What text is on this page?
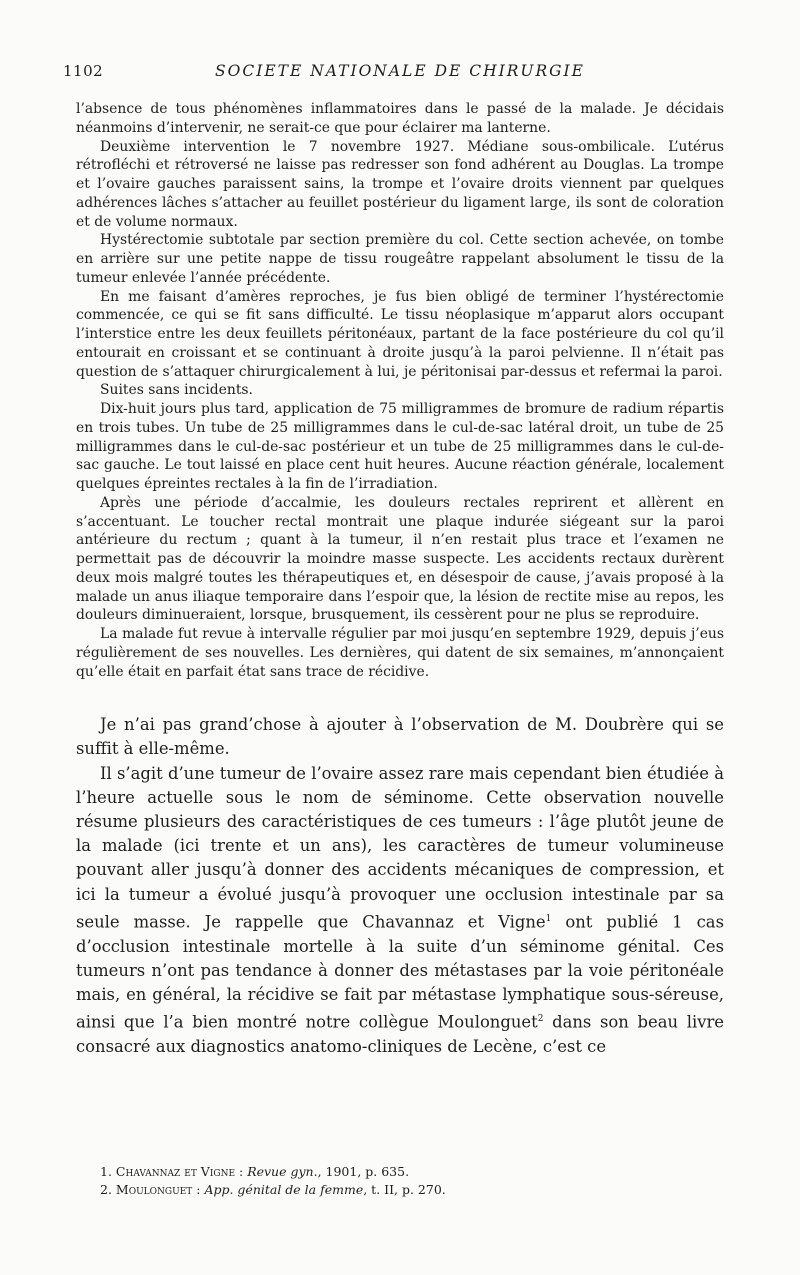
1102	SOCIETE NATIONALE DE CHIRURGIE

l’absence de tous phénomènes inflammatoires dans le passé de la malade. Je décidais néanmoins d’intervenir, ne serait-ce que pour éclairer ma lanterne.

Deuxième intervention le 7 novembre 1927. Médiane sous-ombilicale. L’utérus rétrofléchi et rétroversé ne laisse pas redresser son fond adhérent au Douglas. La trompe et l’ovaire gauches paraissent sains, la trompe et l’ovaire droits viennent par quelques adhérences lâches s’attacher au feuillet postérieur du ligament large, ils sont de coloration et de volume normaux.

Hystérectomie subtotale par section première du col. Cette section achevée, on tombe en arrière sur une petite nappe de tissu rougeâtre rappelant absolument le tissu de la tumeur enlevée l’année précédente.

En me faisant d’amères reproches, je fus bien obligé de terminer l’hystérectomie commencée, ce qui se fit sans difficulté. Le tissu néoplasique m’apparut alors occupant l’interstice entre les deux feuillets péritonéaux, partant de la face postérieure du col qu’il entourait en croissant et se continuant à droite jusqu’à la paroi pelvienne. Il n’était pas question de s’attaquer chirurgicalement à lui, je péritonisai par-dessus et refermai la paroi.

Suites sans incidents.

Dix-huit jours plus tard, application de 75 milligrammes de bromure de radium répartis en trois tubes. Un tube de 25 milligrammes dans le cul-de-sac latéral droit, un tube de 25 milligrammes dans le cul-de-sac postérieur et un tube de 25 milligrammes dans le cul-de-sac gauche. Le tout laissé en place cent huit heures. Aucune réaction générale, localement quelques épreintes rectales à la fin de l’irradiation.

Après une période d’accalmie, les douleurs rectales reprirent et allèrent en s’accentuant. Le toucher rectal montrait une plaque indurée siégeant sur la paroi antérieure du rectum ; quant à la tumeur, il n’en restait plus trace et l’examen ne permettait pas de découvrir la moindre masse suspecte. Les accidents rectaux durèrent deux mois malgré toutes les thérapeutiques et, en désespoir de cause, j’avais proposé à la malade un anus iliaque temporaire dans l’espoir que, la lésion de rectite mise au repos, les douleurs diminueraient, lorsque, brusquement, ils cessèrent pour ne plus se reproduire.

La malade fut revue à intervalle régulier par moi jusqu’en septembre 1929, depuis j’eus régulièrement de ses nouvelles. Les dernières, qui datent de six semaines, m’annonçaient qu’elle était en parfait état sans trace de récidive.

Je n’ai pas grand’chose à ajouter à l’observation de M. Doubrère qui se suffit à elle-même.

Il s’agit d’une tumeur de l’ovaire assez rare mais cependant bien étudiée à l’heure actuelle sous le nom de séminome. Cette observation nouvelle résume plusieurs des caractéristiques de ces tumeurs : l’âge plutôt jeune de la malade (ici trente et un ans), les caractères de tumeur volumineuse pouvant aller jusqu’à donner des accidents mécaniques de compression, et ici la tumeur a évolué jusqu’à provoquer une occlusion intestinale par sa seule masse. Je rappelle que Chavannaz et Vigne$^1$ ont publié 1 cas d’occlusion intestinale mortelle à la suite d’un séminome génital. Ces tumeurs n’ont pas tendance à donner des métastases par la voie péritonéale mais, en général, la récidive se fait par métastase lymphatique sous-séreuse, ainsi que l’a bien montré notre collègue Moulonguet$^2$ dans son beau livre consacré aux diagnostics anatomo-cliniques de Lecène, c’est ce

1. Chavannaz et Vigne : Revue gyn., 1901, p. 635.

2. Moulonguet : App. génital de la femme, t. II, p. 270.
